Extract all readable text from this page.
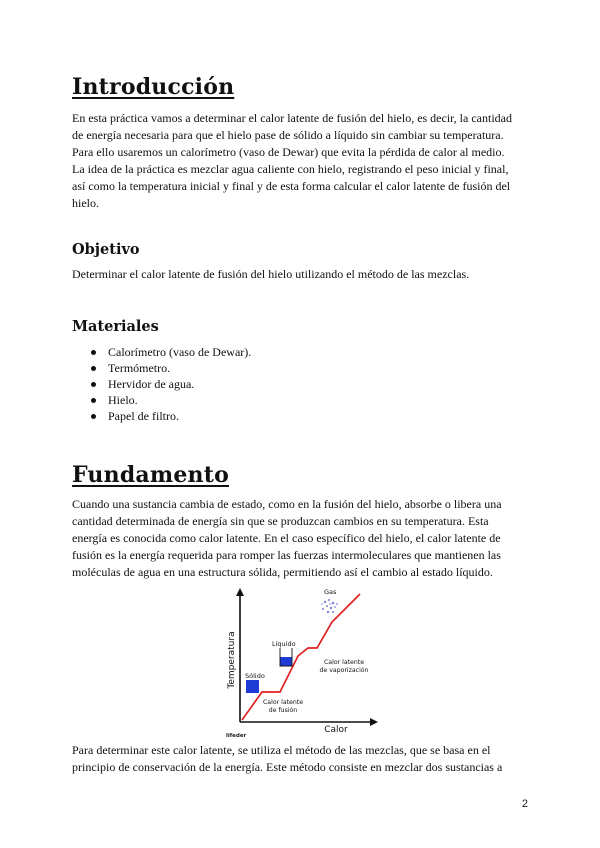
Introducción

En esta práctica vamos a determinar el calor latente de fusión del hielo, es decir, la cantidad de energía necesaria para que el hielo pase de sólido a líquido sin cambiar su temperatura. Para ello usaremos un calorímetro (vaso de Dewar) que evita la pérdida de calor al medio. La idea de la práctica es mezclar agua caliente con hielo, registrando el peso inicial y final, así como la temperatura inicial y final y de esta forma calcular el calor latente de fusión del hielo.

Objetivo

Determinar el calor latente de fusión del hielo utilizando el método de las mezclas.

Materiales
Calorímetro (vaso de Dewar).
Termómetro.
Hervidor de agua.
Hielo.
Papel de filtro.
Fundamento

Cuando una sustancia cambia de estado, como en la fusión del hielo, absorbe o libera una cantidad determinada de energía sin que se produzcan cambios en su temperatura. Esta energía es conocida como calor latente. En el caso específico del hielo, el calor latente de fusión es la energía requerida para romper las fuerzas intermoleculares que mantienen las moléculas de agua en una estructura sólida, permitiendo así el cambio al estado líquido.

Temperatura
Calor
Sólido
Líquido
Gas
Calor latente
de fusión
Calor latente
de vaporización
lifeder

Para determinar este calor latente, se utiliza el método de las mezclas, que se basa en el principio de conservación de la energía. Este método consiste en mezclar dos sustancias a

2
